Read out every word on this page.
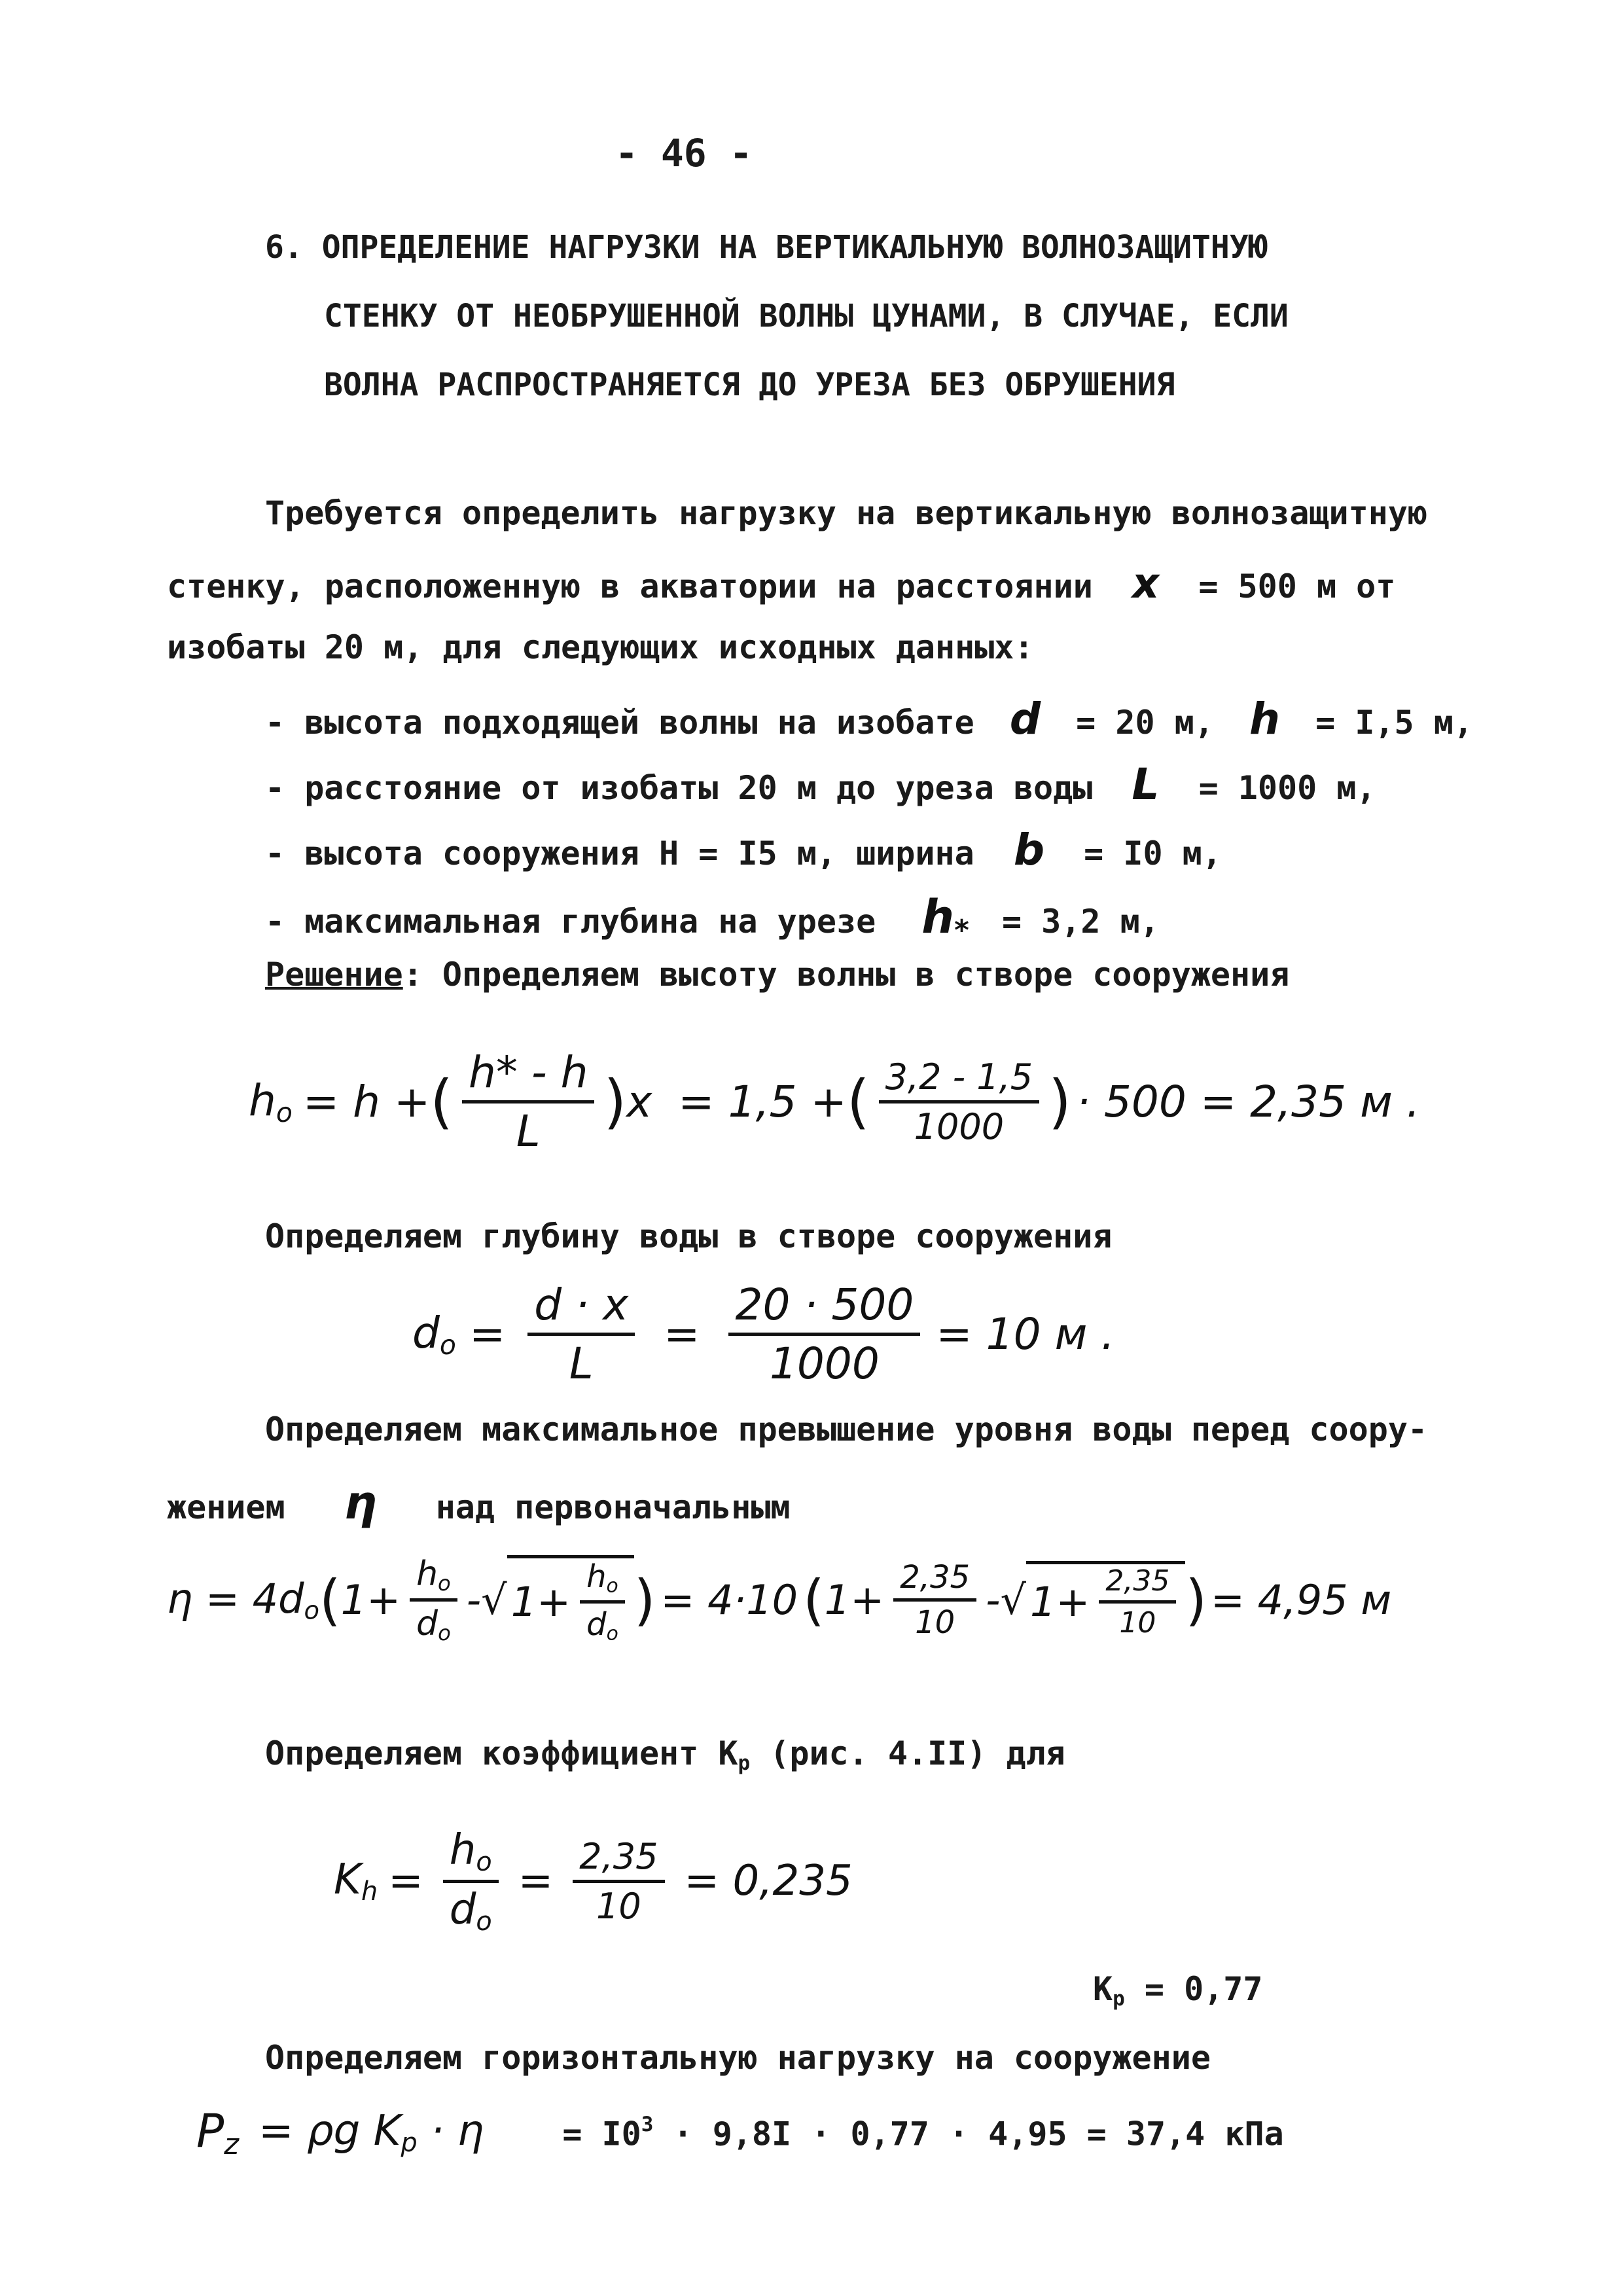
- 46 -
6. ОПРЕДЕЛЕНИЕ НАГРУЗКИ НА ВЕРТИКАЛЬНУЮ ВОЛНОЗАЩИТНУЮ
СТЕНКУ ОТ НЕОБРУШЕННОЙ ВОЛНЫ ЦУНАМИ, В СЛУЧАЕ, ЕСЛИ
ВОЛНА РАСПРОСТРАНЯЕТСЯ ДО УРЕЗА БЕЗ ОБРУШЕНИЯ
Требуется определить нагрузку на вертикальную волнозащитную
стенку, расположенную в акватории на расстоянии x = 500 м от
изобаты 20 м, для следующих исходных данных:
- высота подходящей волны на изобате d = 20 м, h = I,5 м,
- расстояние от изобаты 20 м до уреза воды L = 1000 м,
- высота сооружения H = I5 м, ширина b = I0 м,
- максимальная глубина на урезе $h_* = 3,2$ м,
Решение: Определяем высоту волны в створе сооружения
$h_o = h$ + ( $\frac{h* - h}{L}$ ) x = 1,5 + ( $\frac{3,2 - 1,5}{1000}$ ) · 500 = 2,35 м .
Определяем глубину воды в створе сооружения
$d_o = \frac{d \cdot x}{L} = \frac{20 \cdot 500}{1000} = 10$ м .
Определяем максимальное превышение уровня воды перед соору-
жением η над первоначальным
$\eta = 4d_o$ ( $1+ \frac{h_o}{d_o}$ -√ $1+ \frac{h_o}{d_o}$ ) = 4·10 ( $1+ \frac{2,35}{10}$ -√ $1+ \frac{2,35}{10}$ ) = 4,95 м
Определяем коэффициент $K_р$ (рис. 4.II) для
$K_h = \frac{h_o}{d_o} = \frac{2,35}{10} = 0,235$
$K_р = 0,77$
Определяем горизонтальную нагрузку на сооружение
$P_z = \rho g$ $K_p \cdot \eta = I0^3 \cdot 9,8I \cdot 0,77 \cdot 4,95 = 37,4$ кПа
